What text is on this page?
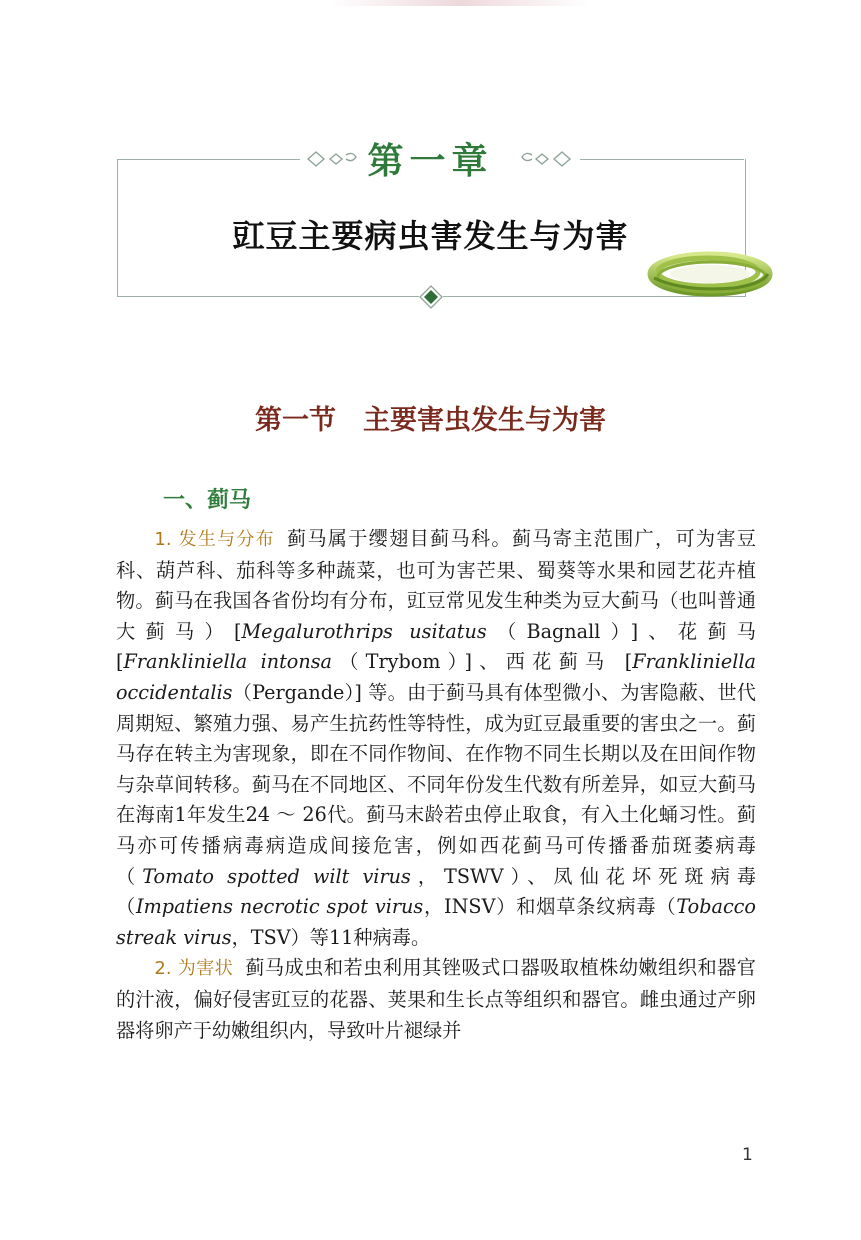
第一章
豇豆主要病虫害发生与为害
第一节　主要害虫发生与为害
一、蓟马

1. 发生与分布 蓟马属于缨翅目蓟马科。蓟马寄主范围广，可为害豆科、葫芦科、茄科等多种蔬菜，也可为害芒果、蜀葵等水果和园艺花卉植物。蓟马在我国各省份均有分布，豇豆常见发生种类为豆大蓟马（也叫普通大蓟马）[Megalurothrips usitatus（Bagnall）]、花蓟马 [Frankliniella intonsa（Trybom）]、西花蓟马 [Frankliniella occidentalis（Pergande）] 等。由于蓟马具有体型微小、为害隐蔽、世代周期短、繁殖力强、易产生抗药性等特性，成为豇豆最重要的害虫之一。蓟马存在转主为害现象，即在不同作物间、在作物不同生长期以及在田间作物与杂草间转移。蓟马在不同地区、不同年份发生代数有所差异，如豆大蓟马在海南1年发生24 ～ 26代。蓟马末龄若虫停止取食，有入土化蛹习性。蓟马亦可传播病毒病造成间接危害，例如西花蓟马可传播番茄斑萎病毒（Tomato spotted wilt virus，TSWV）、凤仙花坏死斑病毒（Impatiens necrotic spot virus，INSV）和烟草条纹病毒（Tobacco streak virus，TSV）等11种病毒。

2. 为害状 蓟马成虫和若虫利用其锉吸式口器吸取植株幼嫩组织和器官的汁液，偏好侵害豇豆的花器、荚果和生长点等组织和器官。雌虫通过产卵器将卵产于幼嫩组织内，导致叶片褪绿并

1
